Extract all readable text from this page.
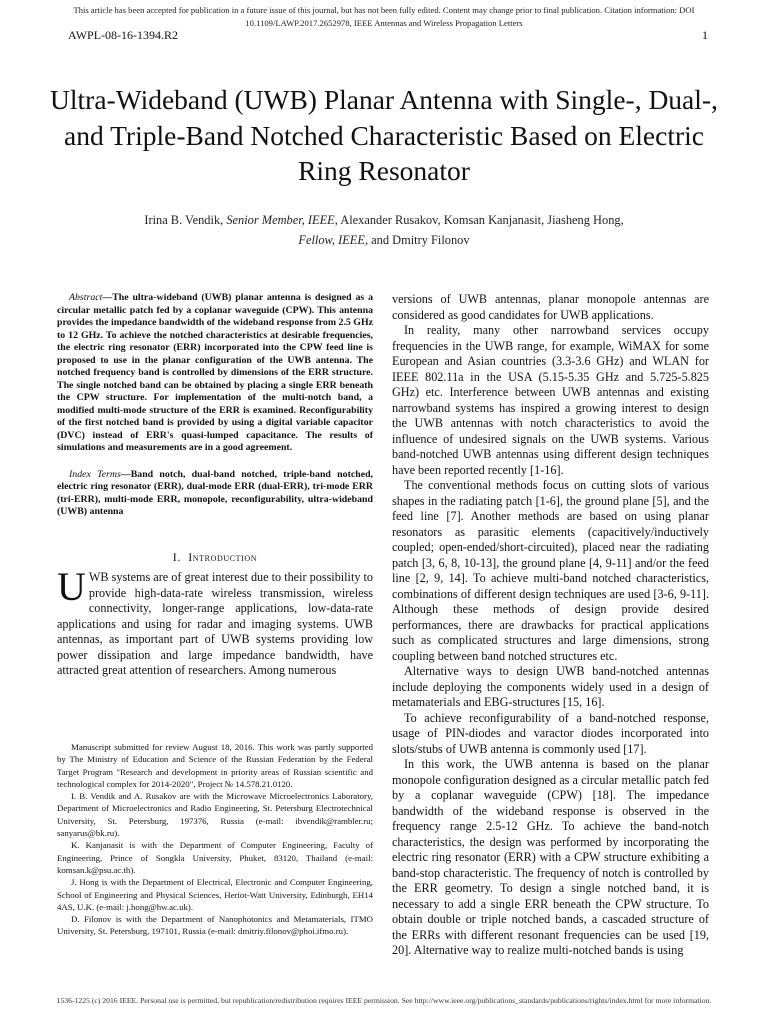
This article has been accepted for publication in a future issue of this journal, but has not been fully edited. Content may change prior to final publication. Citation information: DOI 10.1109/LAWP.2017.2652978, IEEE Antennas and Wireless Propagation Letters
AWPL-08-16-1394.R2	1
Ultra-Wideband (UWB) Planar Antenna with Single-, Dual-, and Triple-Band Notched Characteristic Based on Electric Ring Resonator
Irina B. Vendik, Senior Member, IEEE, Alexander Rusakov, Komsan Kanjanasit, Jiasheng Hong,
Fellow, IEEE, and Dmitry Filonov

Abstract—The ultra-wideband (UWB) planar antenna is designed as a circular metallic patch fed by a coplanar waveguide (CPW). This antenna provides the impedance bandwidth of the wideband response from 2.5 GHz to 12 GHz. To achieve the notched characteristics at desirable frequencies, the electric ring resonator (ERR) incorporated into the CPW feed line is proposed to use in the planar configuration of the UWB antenna. The notched frequency band is controlled by dimensions of the ERR structure. The single notched band can be obtained by placing a single ERR beneath the CPW structure. For implementation of the multi-notch band, a modified multi-mode structure of the ERR is examined. Reconfigurability of the first notched band is provided by using a digital variable capacitor (DVC) instead of ERR's quasi-lumped capacitance. The results of simulations and measurements are in a good agreement.

Index Terms—Band notch, dual-band notched, triple-band notched, electric ring resonator (ERR), dual-mode ERR (dual-ERR), tri-mode ERR (tri-ERR), multi-mode ERR, monopole, reconfigurability, ultra-wideband (UWB) antenna

I. Introduction

UWB systems are of great interest due to their possibility to provide high-data-rate wireless transmission, wireless connectivity, longer-range applications, low-data-rate applications and using for radar and imaging systems. UWB antennas, as important part of UWB systems providing low power dissipation and large impedance bandwidth, have attracted great attention of researchers. Among numerous

Manuscript submitted for review August 18, 2016. This work was partly supported by The Ministry of Education and Science of the Russian Federation by the Federal Target Program "Research and development in priority areas of Russian scientific and technological complex for 2014-2020", Project № 14.578.21.0120.

I. B. Vendik and A. Rusakov are with the Microwave Microelectronics Laboratory, Department of Microelectronics and Radio Engineering, St. Petersburg Electrotechnical University, St. Petersburg, 197376, Russia (e-mail: ibvendik@rambler.ru; sanyarus@bk.ru).

K. Kanjanasit is with the Department of Computer Engineering, Faculty of Engineering, Prince of Songkla University, Phuket, 83120, Thailand (e-mail: komsan.k@psu.ac.th).

J. Hong is with the Department of Electrical, Electronic and Computer Engineering, School of Engineering and Physical Sciences, Heriot-Watt University, Edinburgh, EH14 4AS, U.K. (e-mail: j.hong@hw.ac.uk).

D. Filonov is with the Department of Nanophotonics and Metamaterials, ITMO University, St. Petersburg, 197101, Russia (e-mail: dmitriy.filonov@phoi.ifmo.ru).

versions of UWB antennas, planar monopole antennas are considered as good candidates for UWB applications.

In reality, many other narrowband services occupy frequencies in the UWB range, for example, WiMAX for some European and Asian countries (3.3-3.6 GHz) and WLAN for IEEE 802.11a in the USA (5.15-5.35 GHz and 5.725-5.825 GHz) etc. Interference between UWB antennas and existing narrowband systems has inspired a growing interest to design the UWB antennas with notch characteristics to avoid the influence of undesired signals on the UWB systems. Various band-notched UWB antennas using different design techniques have been reported recently [1-16].

The conventional methods focus on cutting slots of various shapes in the radiating patch [1-6], the ground plane [5], and the feed line [7]. Another methods are based on using planar resonators as parasitic elements (capacitively/inductively coupled; open-ended/short-circuited), placed near the radiating patch [3, 6, 8, 10-13], the ground plane [4, 9-11] and/or the feed line [2, 9, 14]. To achieve multi-band notched characteristics, combinations of different design techniques are used [3-6, 9-11]. Although these methods of design provide desired performances, there are drawbacks for practical applications such as complicated structures and large dimensions, strong coupling between band notched structures etc.

Alternative ways to design UWB band-notched antennas include deploying the components widely used in a design of metamaterials and EBG-structures [15, 16].

To achieve reconfigurability of a band-notched response, usage of PIN-diodes and varactor diodes incorporated into slots/stubs of UWB antenna is commonly used [17].

In this work, the UWB antenna is based on the planar monopole configuration designed as a circular metallic patch fed by a coplanar waveguide (CPW) [18]. The impedance bandwidth of the wideband response is observed in the frequency range 2.5-12 GHz. To achieve the band-notch characteristics, the design was performed by incorporating the electric ring resonator (ERR) with a CPW structure exhibiting a band-stop characteristic. The frequency of notch is controlled by the ERR geometry. To design a single notched band, it is necessary to add a single ERR beneath the CPW structure. To obtain double or triple notched bands, a cascaded structure of the ERRs with different resonant frequencies can be used [19, 20]. Alternative way to realize multi-notched bands is using

1536-1225 (c) 2016 IEEE. Personal use is permitted, but republication/redistribution requires IEEE permission. See http://www.ieee.org/publications_standards/publications/rights/index.html for more information.
